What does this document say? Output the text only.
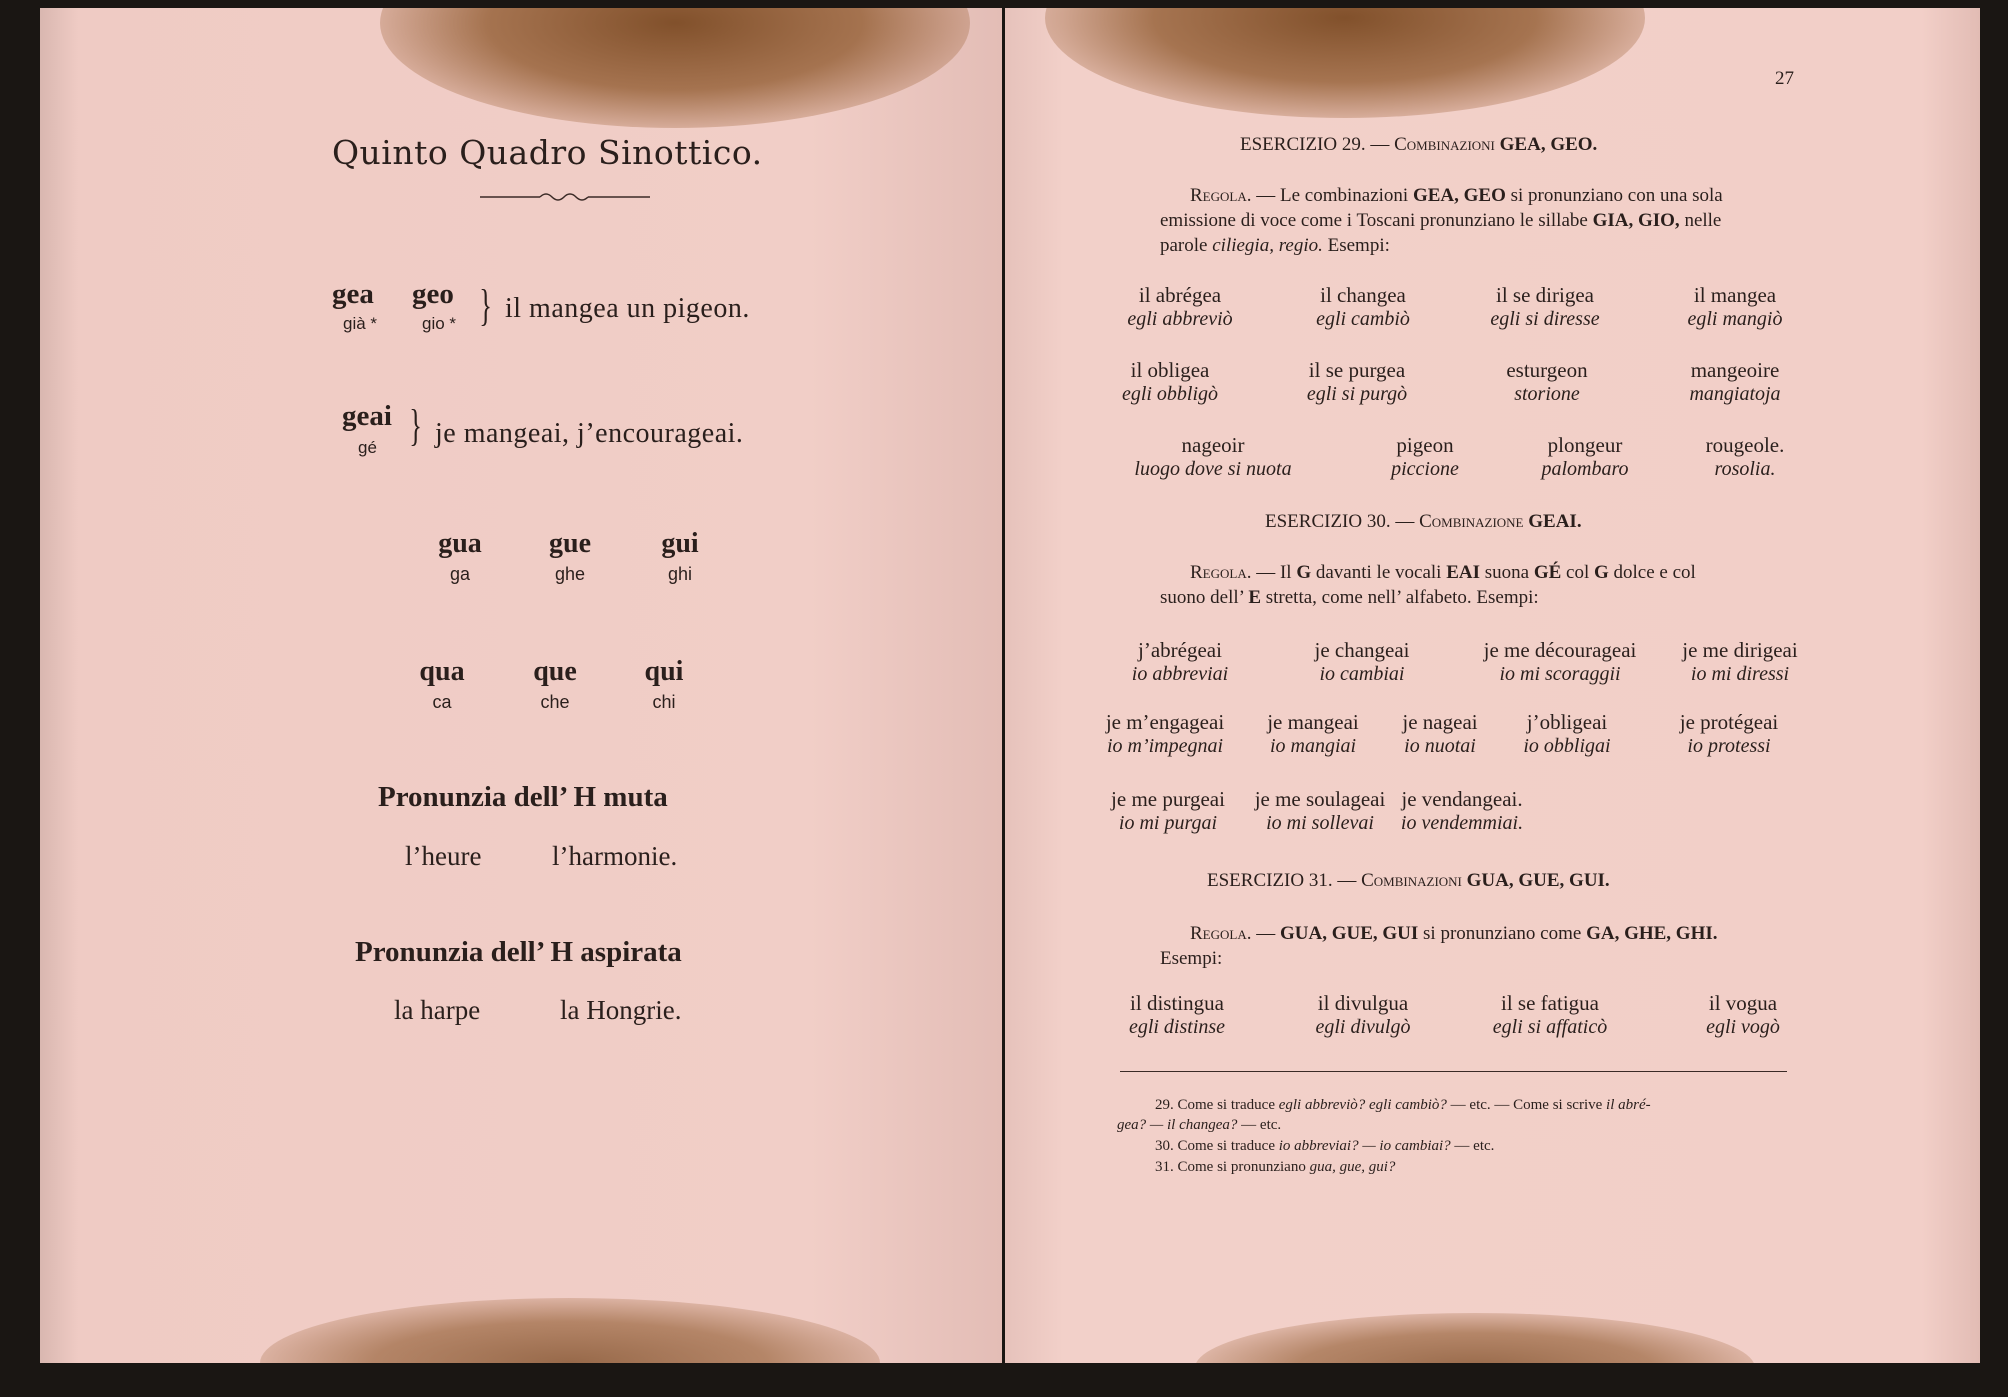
Quinto Quadro Sinottico.
gea
già *
geo
gio * } il mangea un pigeon.
geai
gé } je mangeai, j’encourageai.
gua
ga
gue
ghe
gui
ghi
qua
ca
que
che
qui
chi
Pronunzia dell’ H muta
l’heure	l’harmonie.
Pronunzia dell’ H aspirata
la harpe	la Hongrie.
27
ESERCIZIO 29. — Combinazioni GEA, GEO.
Regola. — Le combinazioni GEA, GEO si pronunziano con una sola
emissione di voce come i Toscani pronunziano le sillabe GIA, GIO, nelle
parole ciliegia, regio. Esempi:
il abrégea
egli abbreviò
il changea
egli cambiò
il se dirigea
egli si diresse
il mangea
egli mangiò
il obligea
egli obbligò
il se purgea
egli si purgò
esturgeon
storione
mangeoire
mangiatoja
nageoir
luogo dove si nuota
pigeon
piccione
plongeur
palombaro
rougeole.
rosolia.
ESERCIZIO 30. — Combinazione GEAI.
Regola. — Il G davanti le vocali EAI suona GÉ col G dolce e col
suono dell’ E stretta, come nell’ alfabeto. Esempi:
j’abrégeai
io abbreviai
je changeai
io cambiai
je me décourageai
io mi scoraggii
je me dirigeai
io mi diressi
je m’engageai
io m’impegnai
je mangeai
io mangiai
je nageai
io nuotai
j’obligeai
io obbligai
je protégeai
io protessi
je me purgeai
io mi purgai
je me soulageai
io mi sollevai
je vendangeai.
io vendemmiai.
ESERCIZIO 31. — Combinazioni GUA, GUE, GUI.
Regola. — GUA, GUE, GUI si pronunziano come GA, GHE, GHI.
Esempi:
il distingua
egli distinse
il divulgua
egli divulgò
il se fatigua
egli si affaticò
il vogua
egli vogò
29. Come si traduce egli abbreviò? egli cambiò? — etc. — Come si scrive il abré-
gea? — il changea? — etc.
30. Come si traduce io abbreviai? — io cambiai? — etc.
31. Come si pronunziano gua, gue, gui?
